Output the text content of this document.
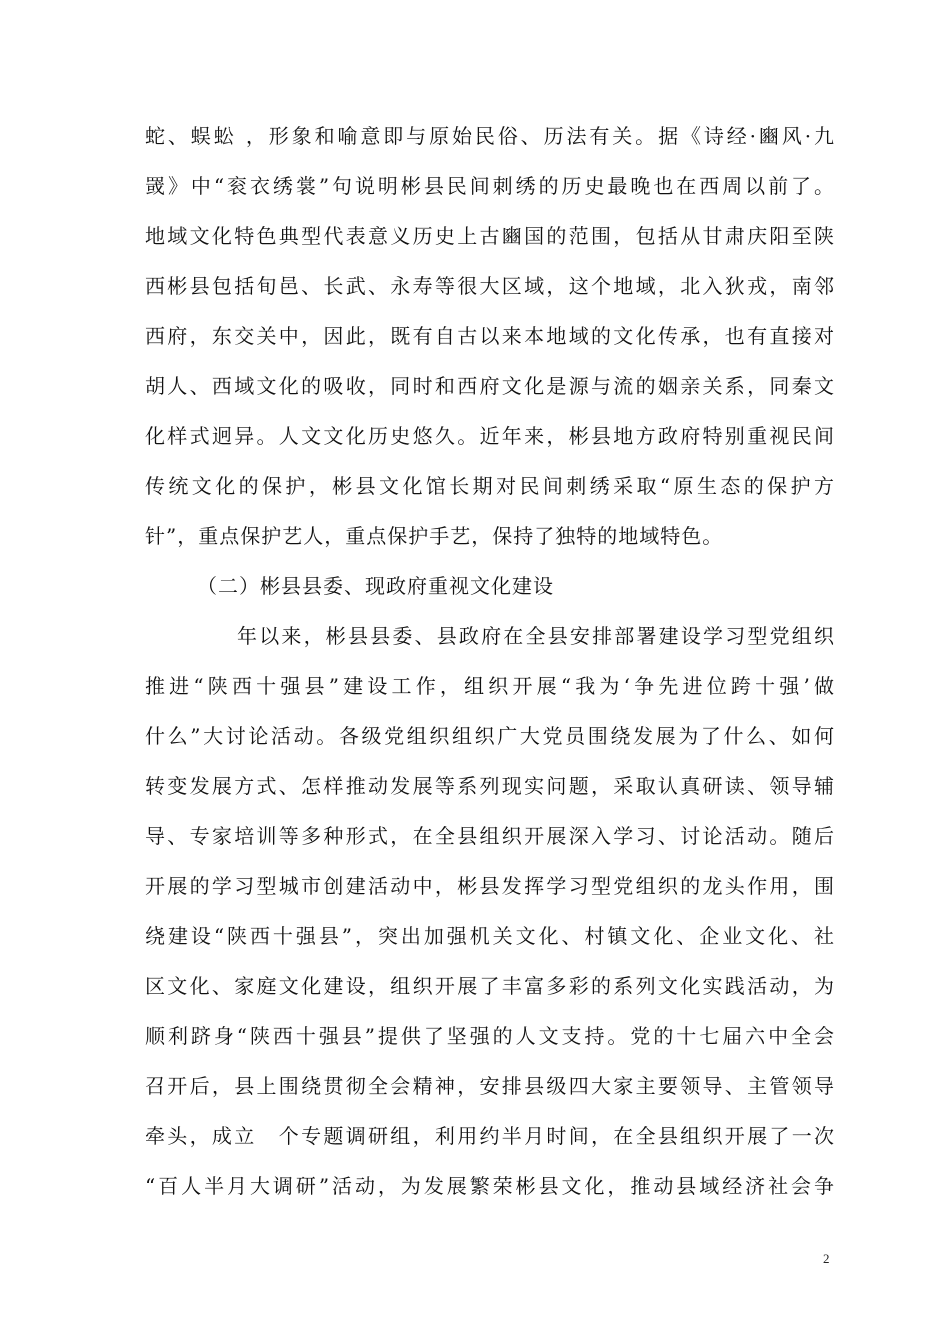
蛇、蜈蚣 ，形象和喻意即与原始民俗、历法有关。据《诗经·豳风·九
罭》中“衮衣绣裳”句说明彬县民间刺绣的历史最晚也在西周以前了。
地域文化特色典型代表意义历史上古豳国的范围，包括从甘肃庆阳至陕
西彬县包括旬邑、长武、永寿等很大区域，这个地域，北入狄戎，南邻
西府，东交关中，因此，既有自古以来本地域的文化传承，也有直接对
胡人、西域文化的吸收，同时和西府文化是源与流的姻亲关系，同秦文
化样式迥异。人文文化历史悠久。近年来，彬县地方政府特别重视民间
传统文化的保护，彬县文化馆长期对民间刺绣采取“原生态的保护方
针”，重点保护艺人，重点保护手艺，保持了独特的地域特色。
（二）彬县县委、现政府重视文化建设
年以来，彬县县委、县政府在全县安排部署建设学习型党组织
推进“陕西十强县”建设工作，组织开展“我为‘争先进位跨十强’做
什么”大讨论活动。各级党组织组织广大党员围绕发展为了什么、如何
转变发展方式、怎样推动发展等系列现实问题，采取认真研读、领导辅
导、专家培训等多种形式，在全县组织开展深入学习、讨论活动。随后
开展的学习型城市创建活动中，彬县发挥学习型党组织的龙头作用，围
绕建设“陕西十强县”，突出加强机关文化、村镇文化、企业文化、社
区文化、家庭文化建设，组织开展了丰富多彩的系列文化实践活动，为
顺利跻身“陕西十强县”提供了坚强的人文支持。党的十七届六中全会
召开后，县上围绕贯彻全会精神，安排县级四大家主要领导、主管领导
牵头，成立　个专题调研组，利用约半月时间，在全县组织开展了一次
“百人半月大调研”活动，为发展繁荣彬县文化，推动县域经济社会争
2
